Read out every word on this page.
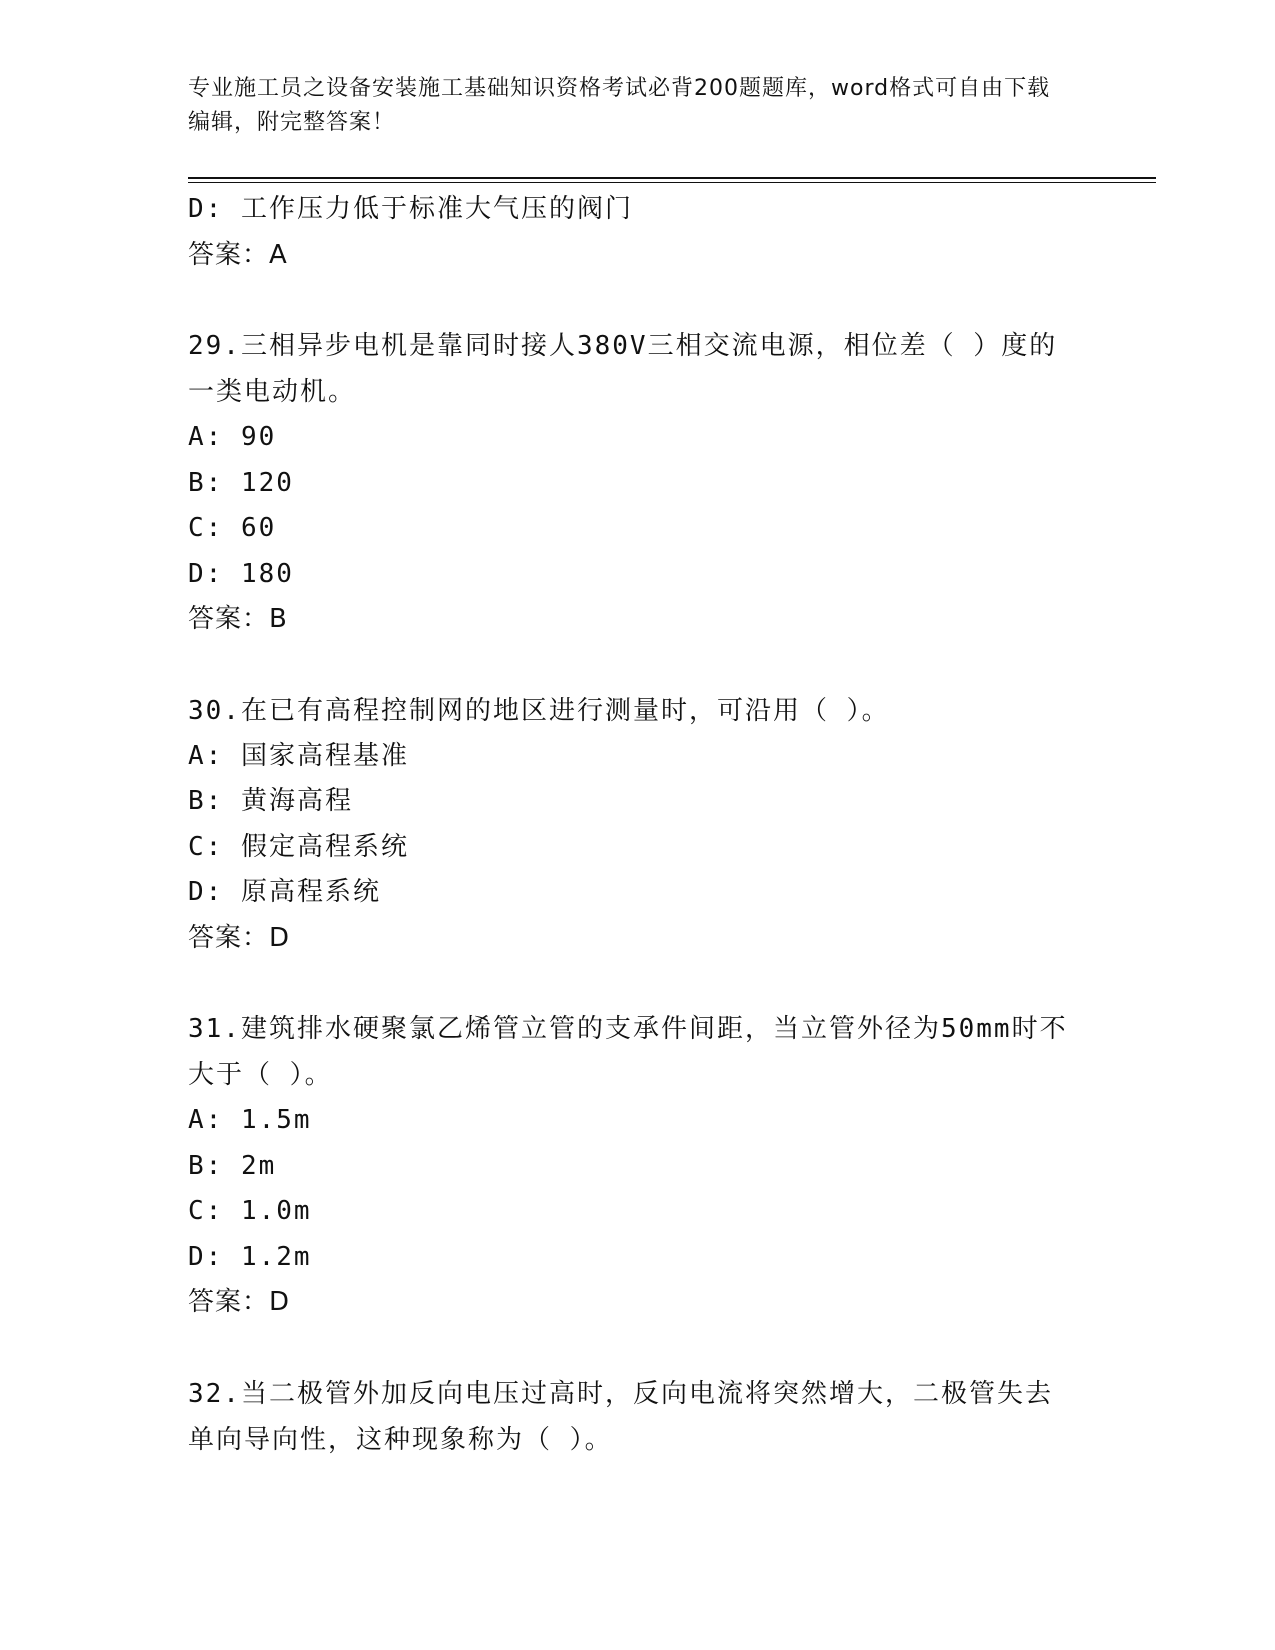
专业施工员之设备安装施工基础知识资格考试必背200题题库，word格式可自由下载编辑，附完整答案！
D: 工作压力低于标准大气压的阀门
答案：A
29.三相异步电机是靠同时接人380V三相交流电源，相位差（ ）度的一类电动机。
A: 90
B: 120
C: 60
D: 180
答案：B
30.在已有高程控制网的地区进行测量时，可沿用（ ）。
A: 国家高程基准
B: 黄海高程
C: 假定高程系统
D: 原高程系统
答案：D
31.建筑排水硬聚氯乙烯管立管的支承件间距，当立管外径为50mm时不大于（ ）。
A: 1.5m
B: 2m
C: 1.0m
D: 1.2m
答案：D
32.当二极管外加反向电压过高时，反向电流将突然增大，二极管失去单向导向性，这种现象称为（ ）。
